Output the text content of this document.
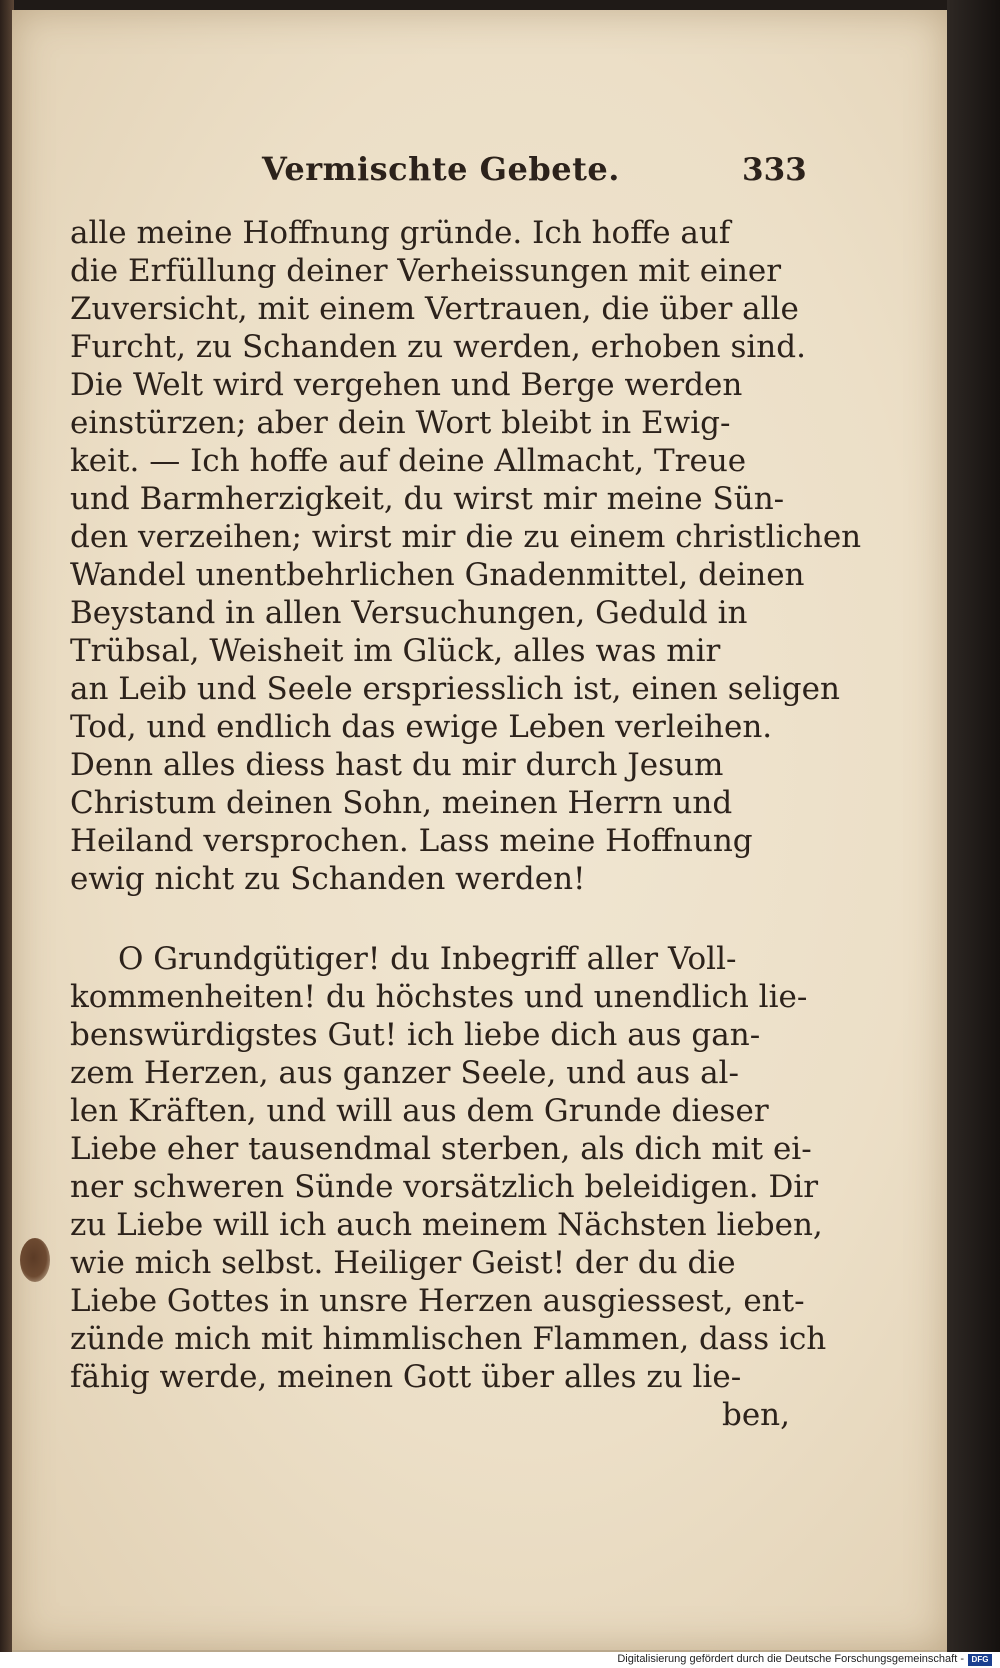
Vermischte Gebete.	333
alle meine Hoffnung gründe. Ich hoffe auf
die Erfüllung deiner Verheissungen mit einer
Zuversicht, mit einem Vertrauen, die über alle
Furcht, zu Schanden zu werden, erhoben sind.
Die Welt wird vergehen und Berge werden
einstürzen; aber dein Wort bleibt in Ewig-
keit. — Ich hoffe auf deine Allmacht, Treue
und Barmherzigkeit, du wirst mir meine Sün-
den verzeihen; wirst mir die zu einem christlichen
Wandel unentbehrlichen Gnadenmittel, deinen
Beystand in allen Versuchungen, Geduld in
Trübsal, Weisheit im Glück, alles was mir
an Leib und Seele erspriesslich ist, einen seligen
Tod, und endlich das ewige Leben verleihen.
Denn alles diess hast du mir durch Jesum
Christum deinen Sohn, meinen Herrn und
Heiland versprochen. Lass meine Hoffnung
ewig nicht zu Schanden werden!
O Grundgütiger! du Inbegriff aller Voll-
kommenheiten! du höchstes und unendlich lie-
benswürdigstes Gut! ich liebe dich aus gan-
zem Herzen, aus ganzer Seele, und aus al-
len Kräften, und will aus dem Grunde dieser
Liebe eher tausendmal sterben, als dich mit ei-
ner schweren Sünde vorsätzlich beleidigen. Dir
zu Liebe will ich auch meinem Nächsten lieben,
wie mich selbst. Heiliger Geist! der du die
Liebe Gottes in unsre Herzen ausgiessest, ent-
zünde mich mit himmlischen Flammen, dass ich
fähig werde, meinen Gott über alles zu lie-
ben,
Digitalisierung gefördert durch die Deutsche Forschungsgemeinschaft - DFG
